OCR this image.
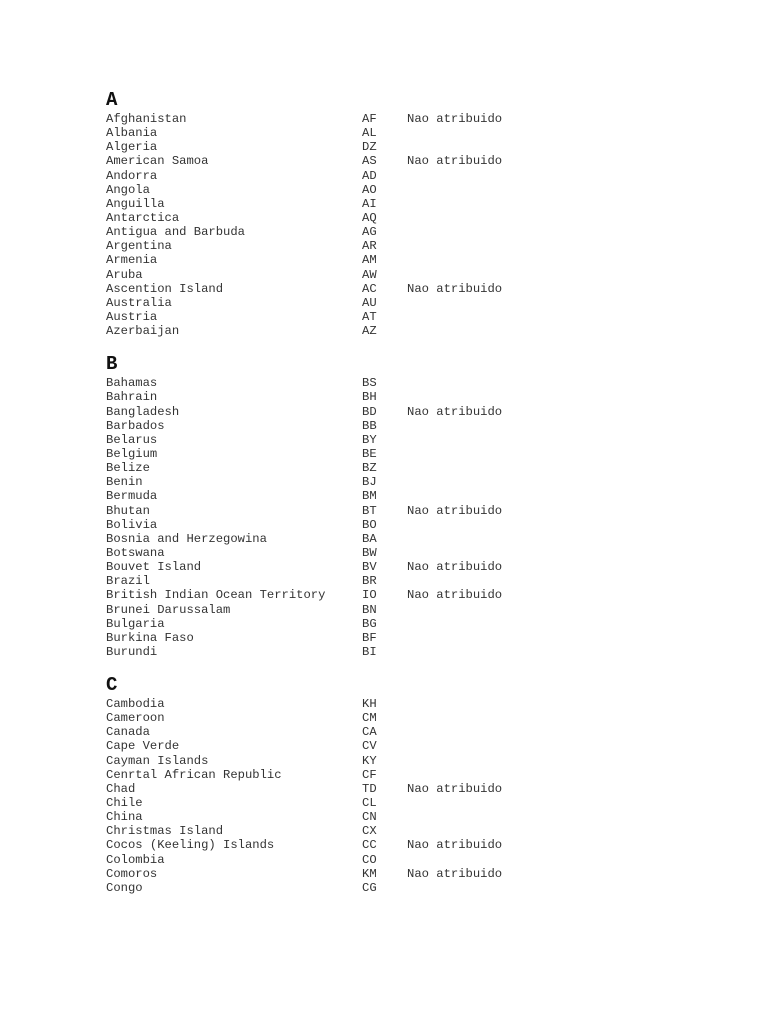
A
Afghanistan	AF	Nao atribuido
Albania	AL
Algeria	DZ
American Samoa	AS	Nao atribuido
Andorra	AD
Angola	AO
Anguilla	AI
Antarctica	AQ
Antigua and Barbuda	AG
Argentina	AR
Armenia	AM
Aruba	AW
Ascention Island	AC	Nao atribuido
Australia	AU
Austria	AT
Azerbaijan	AZ
B
Bahamas	BS
Bahrain	BH
Bangladesh	BD	Nao atribuido
Barbados	BB
Belarus	BY
Belgium	BE
Belize	BZ
Benin	BJ
Bermuda	BM
Bhutan	BT	Nao atribuido
Bolivia	BO
Bosnia and Herzegowina	BA
Botswana	BW
Bouvet Island	BV	Nao atribuido
Brazil	BR
British Indian Ocean Territory	IO	Nao atribuido
Brunei Darussalam	BN
Bulgaria	BG
Burkina Faso	BF
Burundi	BI
C
Cambodia	KH
Cameroon	CM
Canada	CA
Cape Verde	CV
Cayman Islands	KY
Cenrtal African Republic	CF
Chad	TD	Nao atribuido
Chile	CL
China	CN
Christmas Island	CX
Cocos (Keeling) Islands	CC	Nao atribuido
Colombia	CO
Comoros	KM	Nao atribuido
Congo	CG
